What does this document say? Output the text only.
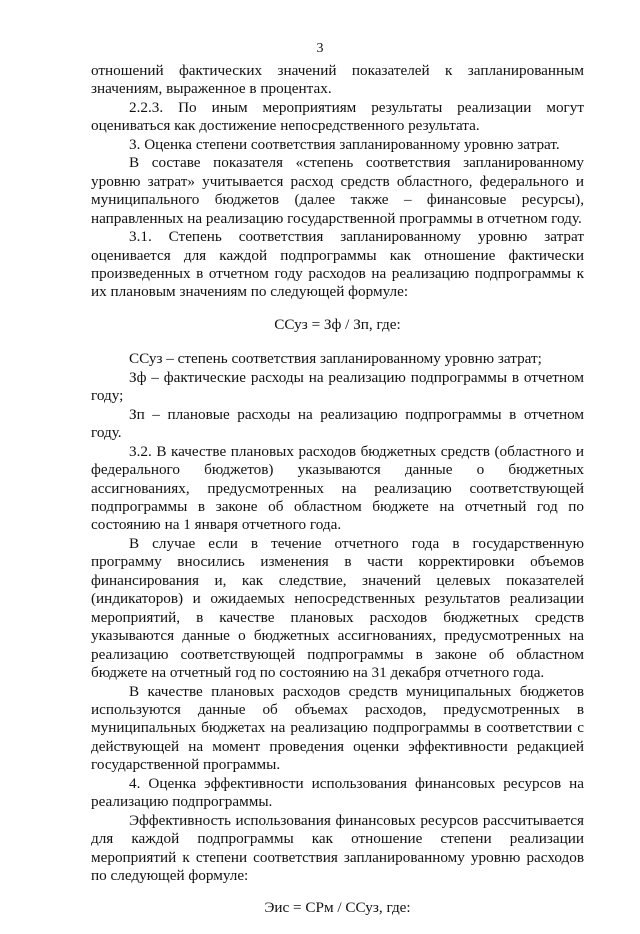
3

отношений фактических значений показателей к запланированным значениям, выраженное в процентах.

2.2.3. По иным мероприятиям результаты реализации могут оцениваться как достижение непосредственного результата.

3. Оценка степени соответствия запланированному уровню затрат.

В составе показателя «степень соответствия запланированному уровню затрат» учитывается расход средств областного, федерального и муниципального бюджетов (далее также – финансовые ресурсы), направленных на реализацию государственной программы в отчетном году.

3.1. Степень соответствия запланированному уровню затрат оценивается для каждой подпрограммы как отношение фактически произведенных в отчетном году расходов на реализацию подпрограммы к их плановым значениям по следующей формуле:

ССуз = Зф / Зп, где:

ССуз – степень соответствия запланированному уровню затрат;

Зф – фактические расходы на реализацию подпрограммы в отчетном году;

Зп – плановые расходы на реализацию подпрограммы в отчетном году.

3.2. В качестве плановых расходов бюджетных средств (областного и федерального бюджетов) указываются данные о бюджетных ассигнованиях, предусмотренных на реализацию соответствующей подпрограммы в законе об областном бюджете на отчетный год по состоянию на 1 января отчетного года.

В случае если в течение отчетного года в государственную программу вносились изменения в части корректировки объемов финансирования и, как следствие, значений целевых показателей (индикаторов) и ожидаемых непосредственных результатов реализации мероприятий, в качестве плановых расходов бюджетных средств указываются данные о бюджетных ассигнованиях, предусмотренных на реализацию соответствующей подпрограммы в законе об областном бюджете на отчетный год по состоянию на 31 декабря отчетного года.

В качестве плановых расходов средств муниципальных бюджетов используются данные об объемах расходов, предусмотренных в муниципальных бюджетах на реализацию подпрограммы в соответствии с действующей на момент проведения оценки эффективности редакцией государственной программы.

4. Оценка эффективности использования финансовых ресурсов на реализацию подпрограммы.

Эффективность использования финансовых ресурсов рассчитывается для каждой подпрограммы как отношение степени реализации мероприятий к степени соответствия запланированному уровню расходов по следующей формуле:

Эис = СРм / ССуз, где:
